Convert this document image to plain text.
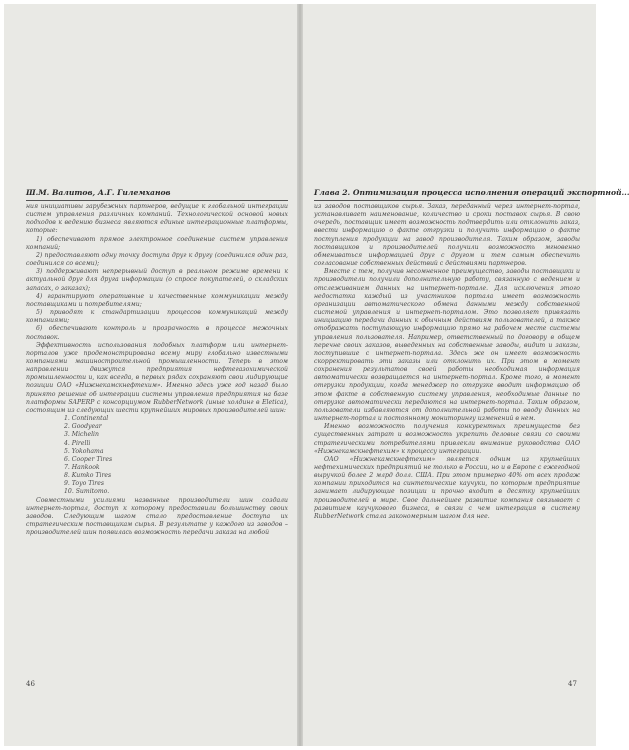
Ш.М. Валитов, А.Г. Гилемханов

ния инициативы зарубежных партнеров, ведущие к глобальной интеграции систем управления различных компаний. Технологической основой новых подходов к ведению бизнеса являются единые интеграционные платформы, которые:

1) обеспечивают прямое электронное соединение систем управления компаний;

2) предоставляют одну точку доступа друг к другу (соединился один раз, соединился со всеми);

3) поддерживают непрерывный доступ в реальном режиме времени к актуальной друг для друга информации (о спросе покупателей, о складских запасах, о заказах);

4) гарантируют оперативные и качественные коммуникации между поставщиками и потребителями;

5) приводят к стандартизации процессов коммуникаций между компаниями;

6) обеспечивают контроль и прозрачность в процессе межочных поставок.

Эффективность использования подобных платформ или интернет-порталов уже продемонстрирована всему миру глобально известными компаниями машиностроительной промышленности. Теперь в этом направлении движутся предприятия нефтегазохимической промышленности и, как всегда, в первых рядах сохраняют свои лидирующие позиции ОАО «Нижнекамскнефтехим». Именно здесь уже год назад было принято решение об интеграции системы управления предприятия на базе платформы SAPERP с консорциумом RubberNetwork (иные холдинг в Eletica), состоящим из следующих шести крупнейших мировых производителей шин:

1. Continental
2. Goodyear
3. Michelin
4. Pirelli
5. Yokohama
6. Cooper Tires
7. Hankook
8. Kumko Tires
9. Toyo Tires
10. Sumitomo.

Совместными усилиями названные производители шин создали интернет-портал, доступ к которому предоставили большинству своих заводов. Следующим шагом стало предоставление доступа их стратегическим поставщикам сырья. В результате у каждого из заводов – производителей шин появилась возможность передачи заказа на любой

46
Глава 2. Оптимизация процесса исполнения операций экспортной...

из заводов поставщиков сырья. Заказ, переданный через интернет-портал, устанавливает наименование, количество и сроки поставок сырья. В свою очередь, поставщик имеет возможность подтвердить или отклонить заказ, ввести информацию о факте отгрузки и получить информацию о факте поступления продукции на завод производителя. Таким образом, заводы поставщиков и производителей получили возможность мгновенно обмениваться информацией друг с другом и тем самым обеспечить согласование собственных действий с действиями партнеров.

Вместе с тем, получив несомненное преимущество, заводы поставщики и производители получили дополнительную работу, связанную с ведением и отслеживанием данных на интернет-портале. Для исключения этого недостатка каждый из участников портала имеет возможность организации автоматического обмена данными между собственной системой управления и интернет-порталом. Это позволяет привязать инициацию передачи данных к обычным действиям пользователей, а также отображать поступающую информацию прямо на рабочем месте системы управления пользователя. Например, ответственный по договору в общем перечне своих заказов, выведенных на собственные заводы, видит и заказы, поступившие с интернет-портала. Здесь же он имеет возможность скорректировать эти заказы или отклонить их. При этом в момент сохранения результатов своей работы необходимая информация автоматически возвращается на интернет-портал. Кроме того, в момент отгрузки продукции, когда менеджер по отгрузке вводит информацию об этом факте в собственную систему управления, необходимые данные по отгрузке автоматически передаются на интернет-портал. Таким образом, пользователи избавляются от дополнительной работы по вводу данных на интернет-портал и постоянному мониторингу изменений в нем.

Именно возможность получения конкурентных преимуществ без существенных затрат и возможность укрепить деловые связи со своими стратегическими потребителями привлекли внимание руководства ОАО «Нижнекамскнефтехим» к процессу интеграции.

ОАО «Нижнекамскнефтехим» является одним из крупнейших нефтехимических предприятий не только в России, но и в Европе с ежегодной выручкой более 2 млрд долл. США. При этом примерно 40% от всех продаж компании приходится на синтетические каучуки, по которым предприятие занимает лидирующие позиции и прочно входит в десятку крупнейших производителей в мире. Свое дальнейшее развитие компания связывает с развитием каучукового бизнеса, в связи с чем интеграция в систему RubberNetwork стала закономерным шагом для нее.

47
